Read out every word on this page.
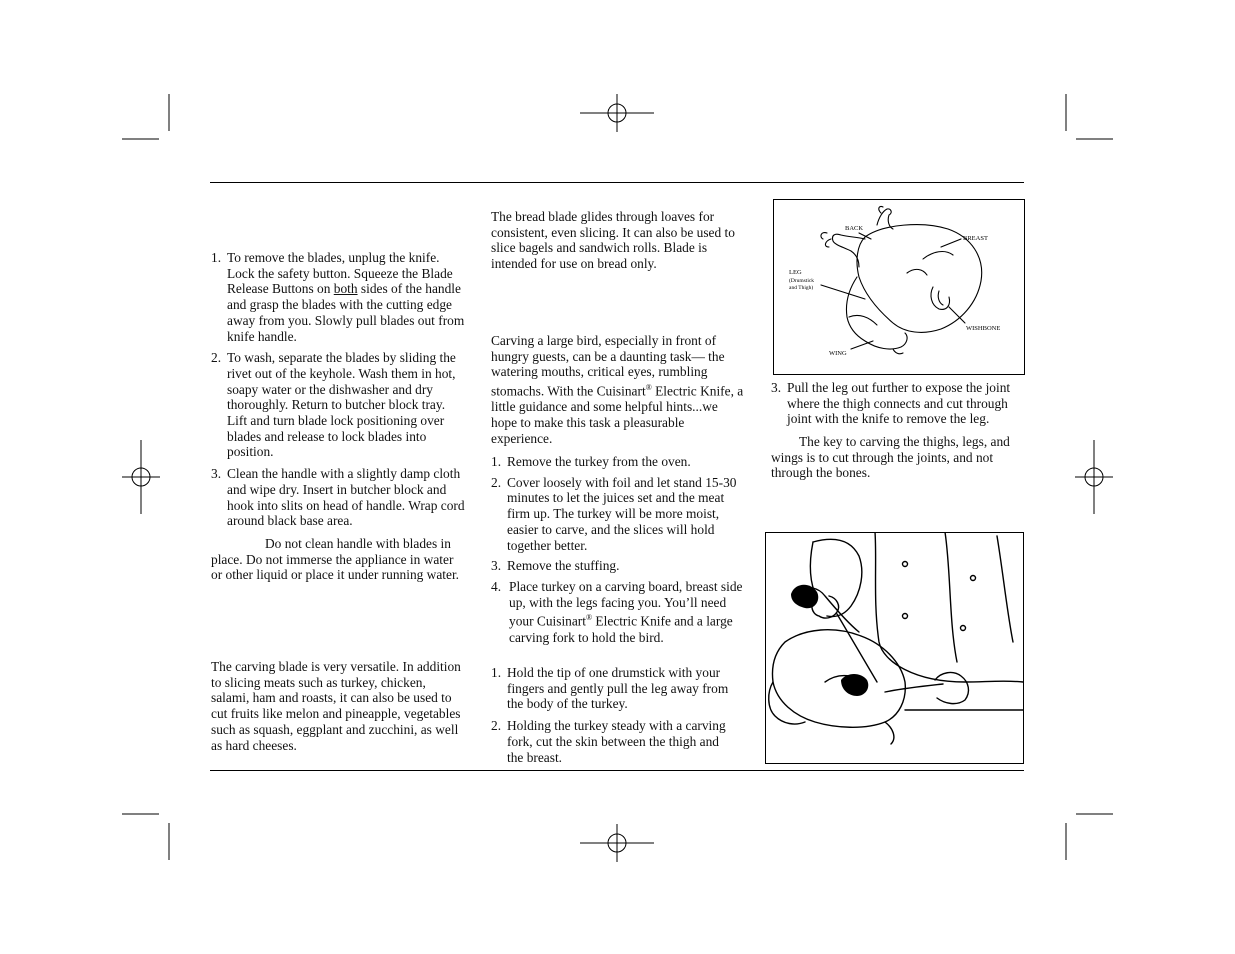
1. To remove the blades, unplug the knife. Lock the safety button. Squeeze the Blade Release Buttons on both sides of the handle and grasp the blades with the cutting edge away from you. Slowly pull blades out from knife handle.
2. To wash, separate the blades by sliding the rivet out of the keyhole. Wash them in hot, soapy water or the dishwasher and dry thoroughly. Return to butcher block tray. Lift and turn blade lock positioning over blades and release to lock blades into position.
3. Clean the handle with a slightly damp cloth and wipe dry. Insert in butcher block and hook into slits on head of handle. Wrap cord around black base area.

Do not clean handle with blades in place. Do not immerse the appliance in water or other liquid or place it under running water.

The carving blade is very versatile. In addition to slicing meats such as turkey, chicken, salami, ham and roasts, it can also be used to cut fruits like melon and pineapple, vegetables such as squash, eggplant and zucchini, as well as hard cheeses.

The bread blade glides through loaves for consistent, even slicing. It can also be used to slice bagels and sandwich rolls. Blade is intended for use on bread only.

Carving a large bird, especially in front of hungry guests, can be a daunting task— the watering mouths, critical eyes, rumbling stomachs. With the Cuisinart® Electric Knife, a little guidance and some helpful hints...we hope to make this task a pleasurable experience.

1. Remove the turkey from the oven.
2. Cover loosely with foil and let stand 15-30 minutes to let the juices set and the meat firm up. The turkey will be more moist, easier to carve, and the slices will hold together better.
3. Remove the stuffing.
4. Place turkey on a carving board, breast side up, with the legs facing you. You’ll need your Cuisinart® Electric Knife and a large carving fork to hold the bird.
1. Hold the tip of one drumstick with your fingers and gently pull the leg away from the body of the turkey.
2. Holding the turkey steady with a carving fork, cut the skin between the thigh and the breast.
BACK
BREAST
LEG
(Drumstick
and Thigh)
WISHBONE
WING
3. Pull the leg out further to expose the joint where the thigh connects and cut through joint with the knife to remove the leg.

The key to carving the thighs, legs, and wings is to cut through the joints, and not through the bones.
